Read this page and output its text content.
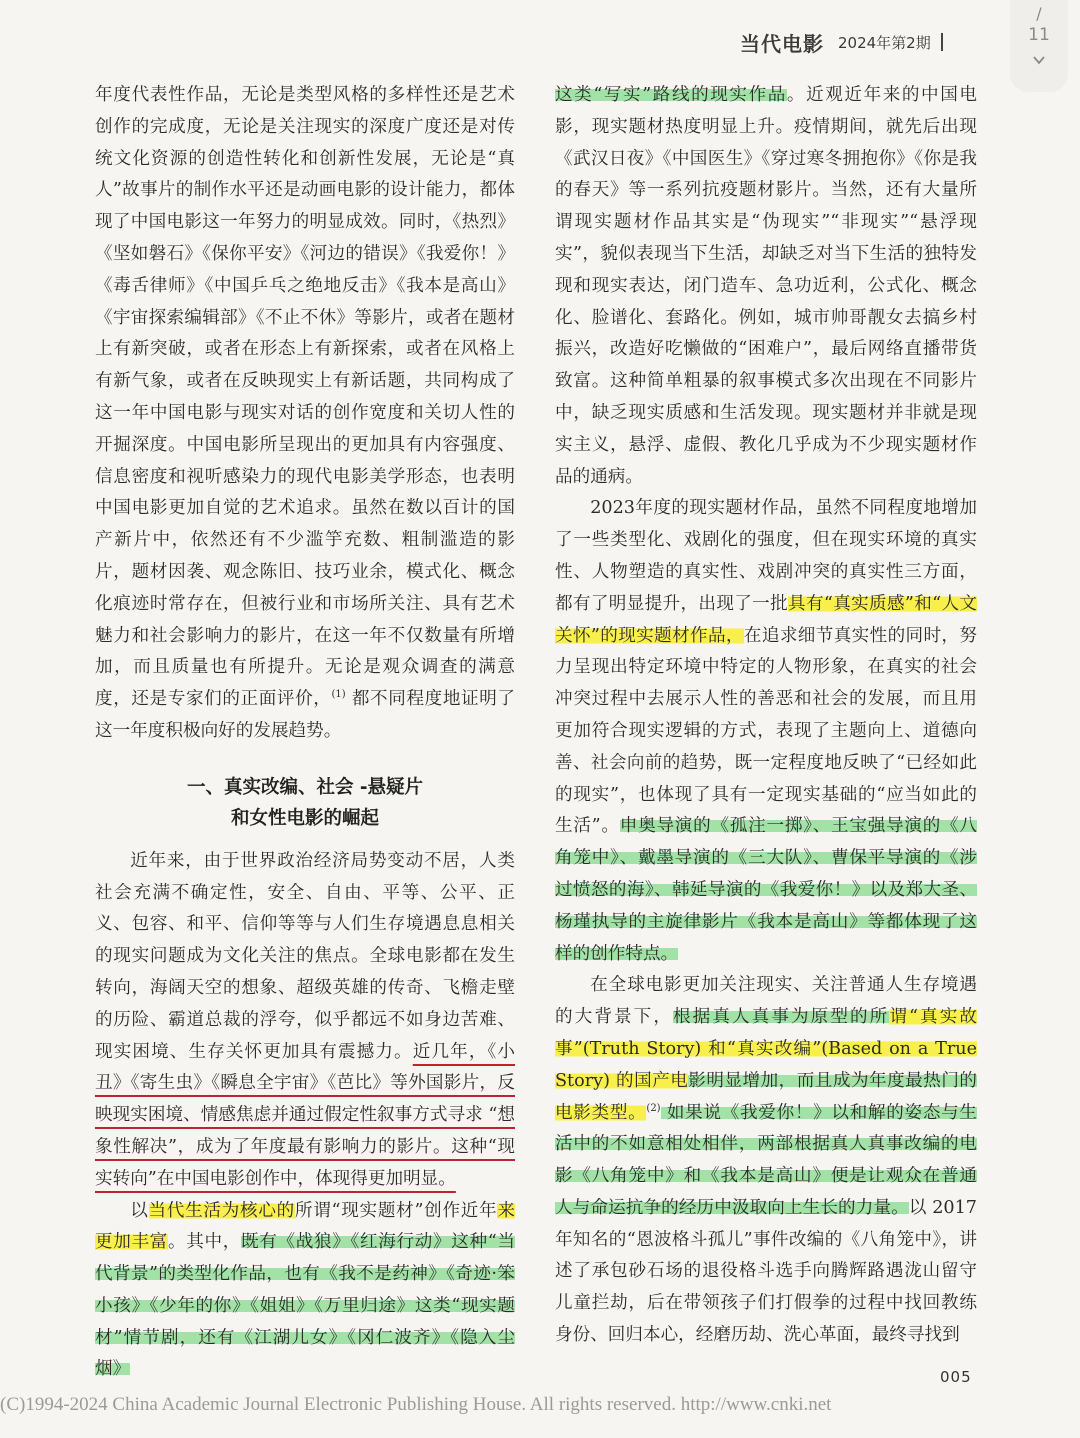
当代电影 2024年第2期
/
11

年度代表性作品，无论是类型风格的多样性还是艺术创作的完成度，无论是关注现实的深度广度还是对传统文化资源的创造性转化和创新性发展，无论是“真人”故事片的制作水平还是动画电影的设计能力，都体现了中国电影这一年努力的明显成效。同时，《热烈》《坚如磐石》《保你平安》《河边的错误》《我爱你！》《毒舌律师》《中国乒乓之绝地反击》《我本是高山》《宇宙探索编辑部》《不止不休》等影片，或者在题材上有新突破，或者在形态上有新探索，或者在风格上有新气象，或者在反映现实上有新话题，共同构成了这一年中国电影与现实对话的创作宽度和关切人性的开掘深度。中国电影所呈现出的更加具有内容强度、信息密度和视听感染力的现代电影美学形态，也表明中国电影更加自觉的艺术追求。虽然在数以百计的国产新片中，依然还有不少滥竽充数、粗制滥造的影片，题材因袭、观念陈旧、技巧业余，模式化、概念化痕迹时常存在，但被行业和市场所关注、具有艺术魅力和社会影响力的影片，在这一年不仅数量有所增加，而且质量也有所提升。无论是观众调查的满意度，还是专家们的正面评价，$^{(1)}$ 都不同程度地证明了这一年度积极向好的发展趋势。

一、真实改编、社会 -悬疑片
和女性电影的崛起

近年来，由于世界政治经济局势变动不居，人类社会充满不确定性，安全、自由、平等、公平、正义、包容、和平、信仰等等与人们生存境遇息息相关的现实问题成为文化关注的焦点。全球电影都在发生转向，海阔天空的想象、超级英雄的传奇、飞檐走壁的历险、霸道总裁的浮夸，似乎都远不如身边苦难、现实困境、生存关怀更加具有震撼力。近几年，《小丑》《寄生虫》《瞬息全宇宙》《芭比》等外国影片，反映现实困境、情感焦虑并通过假定性叙事方式寻求 “想象性解决”，成为了年度最有影响力的影片。这种“现实转向”在中国电影创作中，体现得更加明显。

以当代生活为核心的所谓“现实题材”创作近年来更加丰富。其中，既有《战狼》《红海行动》这种“当代背景”的类型化作品，也有《我不是药神》《奇迹·笨小孩》《少年的你》《姐姐》《万里归途》这类“现实题材”情节剧，还有《江湖儿女》《冈仁波齐》《隐入尘烟》

这类“写实”路线的现实作品。近观近年来的中国电影，现实题材热度明显上升。疫情期间，就先后出现《武汉日夜》《中国医生》《穿过寒冬拥抱你》《你是我的春天》等一系列抗疫题材影片。当然，还有大量所谓现实题材作品其实是“伪现实”“非现实”“悬浮现实”，貌似表现当下生活，却缺乏对当下生活的独特发现和现实表达，闭门造车、急功近利，公式化、概念化、脸谱化、套路化。例如，城市帅哥靓女去搞乡村振兴，改造好吃懒做的“困难户”，最后网络直播带货致富。这种简单粗暴的叙事模式多次出现在不同影片中，缺乏现实质感和生活发现。现实题材并非就是现实主义，悬浮、虚假、教化几乎成为不少现实题材作品的通病。

2023年度的现实题材作品，虽然不同程度地增加了一些类型化、戏剧化的强度，但在现实环境的真实性、人物塑造的真实性、戏剧冲突的真实性三方面，都有了明显提升，出现了一批具有“真实质感”和“人文关怀”的现实题材作品，在追求细节真实性的同时，努力呈现出特定环境中特定的人物形象，在真实的社会冲突过程中去展示人性的善恶和社会的发展，而且用更加符合现实逻辑的方式，表现了主题向上、道德向善、社会向前的趋势，既一定程度地反映了“已经如此的现实”，也体现了具有一定现实基础的“应当如此的生活”。申奥导演的《孤注一掷》、王宝强导演的《八角笼中》、戴墨导演的《三大队》、曹保平导演的《涉过愤怒的海》、韩延导演的《我爱你！》以及郑大圣、杨瑾执导的主旋律影片《我本是高山》等都体现了这样的创作特点。

在全球电影更加关注现实、关注普通人生存境遇的大背景下，根据真人真事为原型的所谓“真实故事”(Truth Story) 和“真实改编”(Based on a True Story) 的国产电影明显增加，而且成为年度最热门的电影类型。$^{(2)}$ 如果说《我爱你！》以和解的姿态与生活中的不如意相处相伴，两部根据真人真事改编的电影《八角笼中》和《我本是高山》便是让观众在普通人与命运抗争的经历中汲取向上生长的力量。以 2017年知名的“恩波格斗孤儿”事件改编的《八角笼中》，讲述了承包砂石场的退役格斗选手向腾辉路遇泷山留守儿童拦劫，后在带领孩子们打假拳的过程中找回教练身份、回归本心，经磨历劫、洗心革面，最终寻找到

005
(C)1994-2024 China Academic Journal Electronic Publishing House. All rights reserved. http://www.cnki.net
